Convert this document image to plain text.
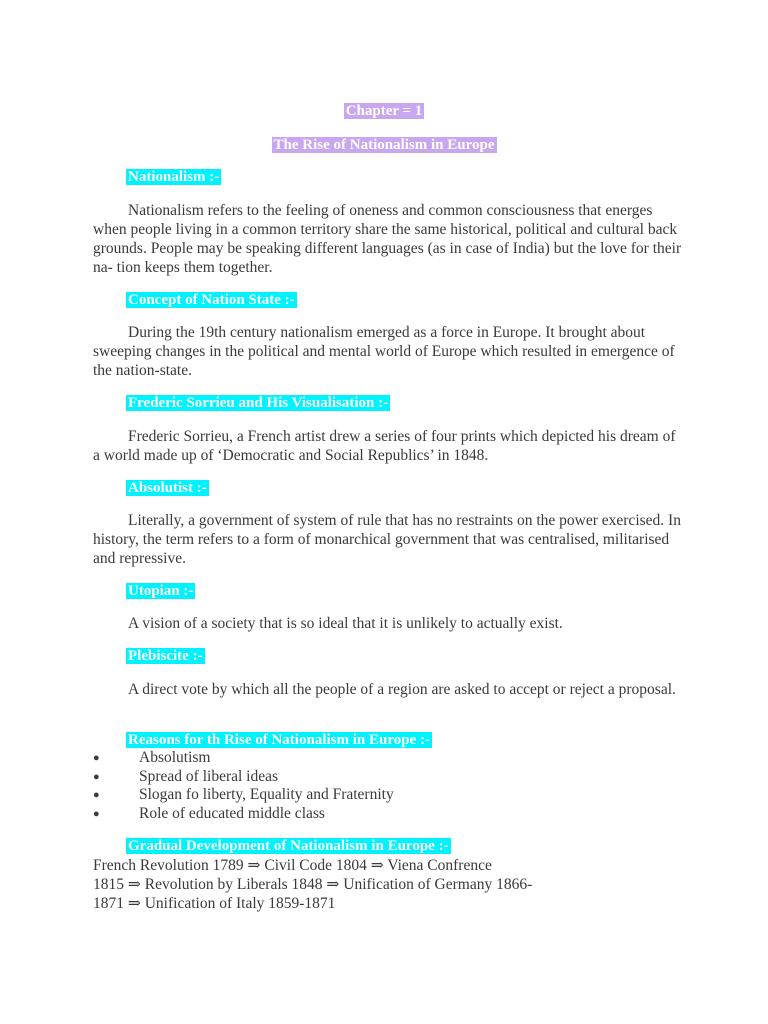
Chapter = 1
The Rise of Nationalism in Europe
Nationalism :-

Nationalism refers to the feeling of oneness and common consciousness that energes when people living in a common territory share the same historical, political and cultural back grounds. People may be speaking different languages (as in case of India) but the love for their na- tion keeps them together.

Concept of Nation State :-

During the 19th century nationalism emerged as a force in Europe. It brought about sweeping changes in the political and mental world of Europe which resulted in emergence of the nation-state.

Frederic Sorrieu and His Visualisation :-

Frederic Sorrieu, a French artist drew a series of four prints which depicted his dream of a world made up of ‘Democratic and Social Republics’ in 1848.

Absolutist :-

Literally, a government of system of rule that has no restraints on the power exercised. In history, the term refers to a form of monarchical government that was centralised, militarised and repressive.

Utopian :-

A vision of a society that is so ideal that it is unlikely to actually exist.

Plebiscite :-

A direct vote by which all the people of a region are asked to accept or reject a proposal.

Reasons for th Rise of Nationalism in Europe :-
●	Absolutism
●	Spread of liberal ideas
●	Slogan fo liberty, Equality and Fraternity
●	Role of educated middle class
Gradual Development of Nationalism in Europe :-
French Revolution 1789 ⇒ Civil Code 1804 ⇒ Viena Confrence
1815 ⇒ Revolution by Liberals 1848 ⇒ Unification of Germany 1866-
1871 ⇒ Unification of Italy 1859-1871
